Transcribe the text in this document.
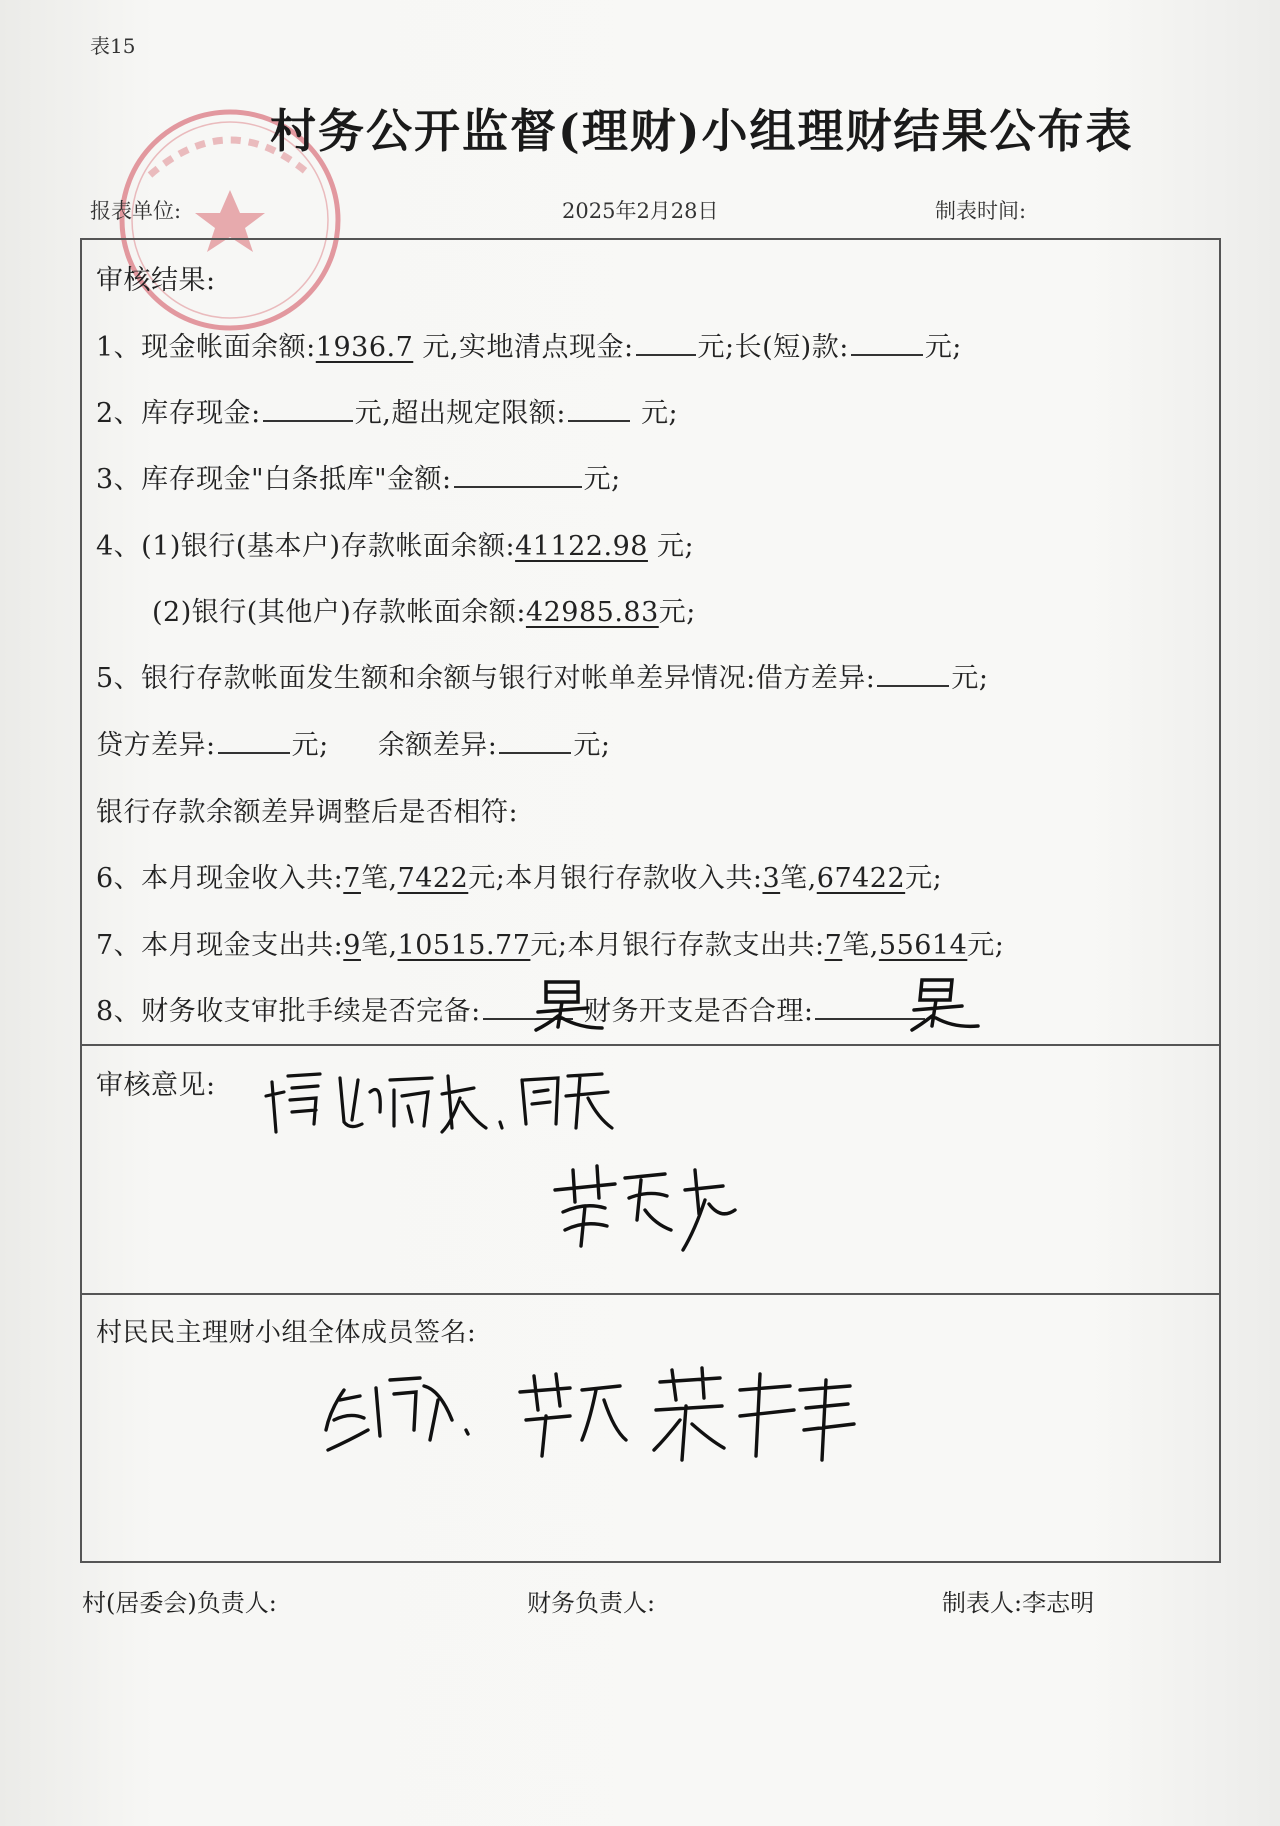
表15
村务公开监督(理财)小组理财结果公布表
报表单位:	2025年2月28日	制表时间:
审核结果:
1、现金帐面余额:1936.7 元,实地清点现金: 元;长(短)款:	元;
2、库存现金:	元,超出规定限额:	元;
3、库存现金"白条抵库"金额:	元;
4、(1)银行(基本户)存款帐面余额:41122.98 元;
(2)银行(其他户)存款帐面余额:42985.83元;
5、银行存款帐面发生额和余额与银行对帐单差异情况:借方差异:	元;
贷方差异:	元; 余额差异:	元;
银行存款余额差异调整后是否相符:
6、本月现金收入共:7笔,7422元;本月银行存款收入共:3笔,67422元;
7、本月现金支出共:9笔,10515.77元;本月银行存款支出共:7笔,55614元;
8、财务收支审批手续是否完备:	财务开支是否合理:
审核意见:
村民民主理财小组全体成员签名:
村(居委会)负责人:	财务负责人:	制表人:李志明
